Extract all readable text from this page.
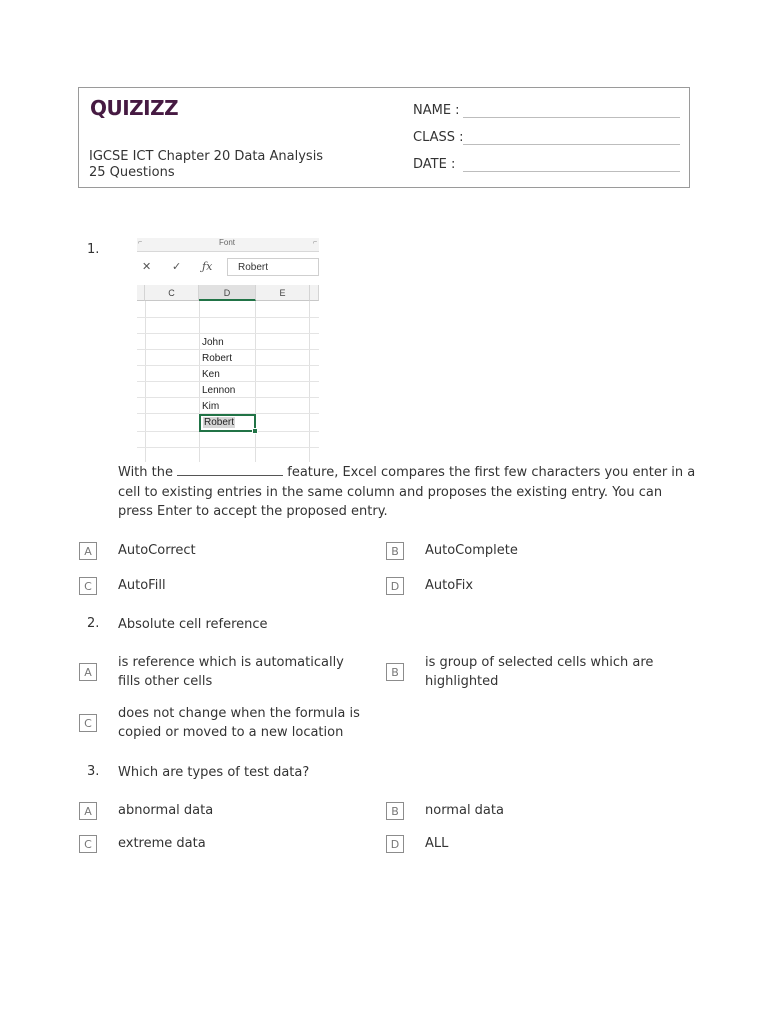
QUIZIZZ
IGCSE ICT Chapter 20 Data Analysis
25 Questions
NAME :
CLASS :
DATE :
1.	⌐	Font	⌐
✕ ✓ ƒx	Robert
C	D	E
John
Robert
Ken
Lennon
Kim
Robert
With the	feature, Excel compares the first few characters you enter in a cell to existing entries in the same column and proposes the existing entry. You can press Enter to accept the proposed entry.
A	AutoCorrect	B	AutoComplete
C	AutoFill	D	AutoFix
2. Absolute cell reference
A
is reference which is automatically fills other cells
B
is group of selected cells which are highlighted
C
does not change when the formula is copied or moved to a new location
3. Which are types of test data?
A	abnormal data	B	normal data
C	extreme data	D	ALL
